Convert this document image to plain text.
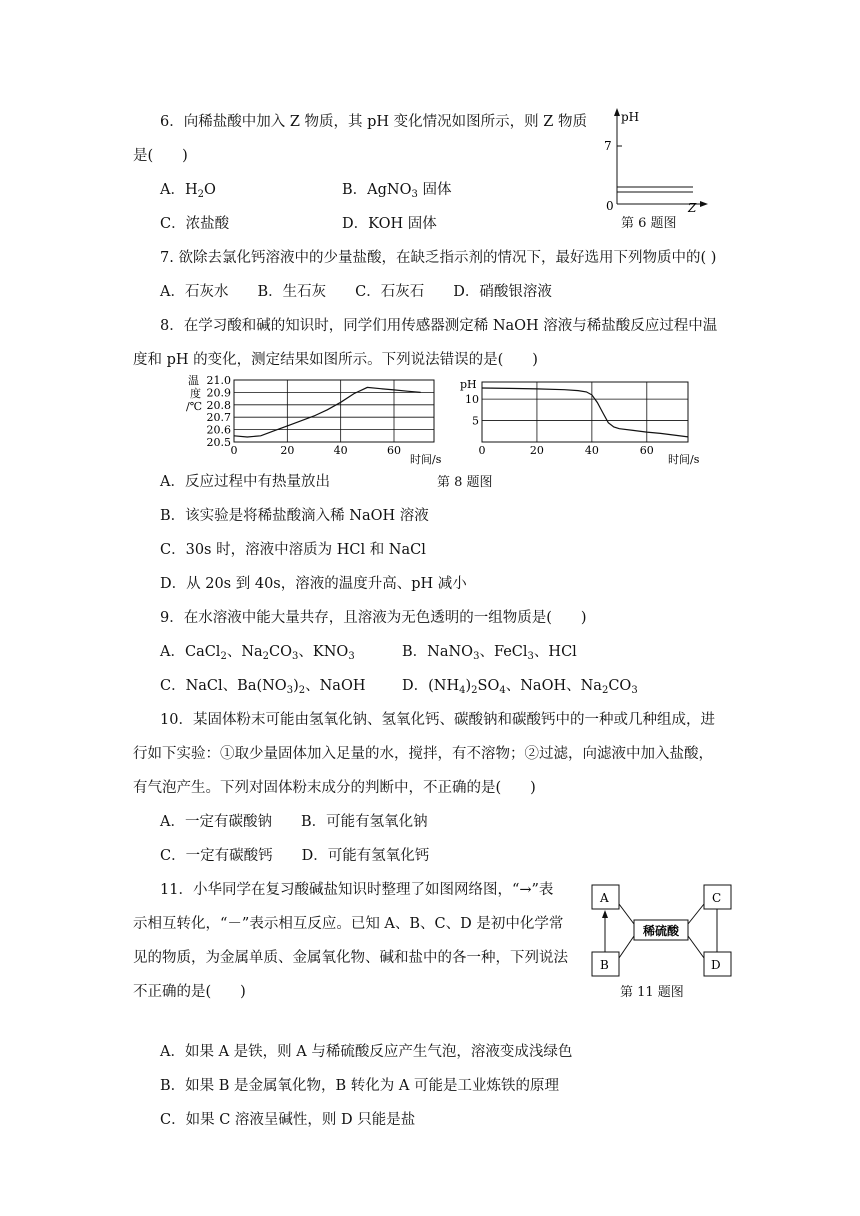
6．向稀盐酸中加入 Z 物质，其 pH 变化情况如图所示，则 Z 物质
是(　　)
A．$H_2O$	B．AgNO$_3$ 固体
C．浓盐酸	D．KOH 固体
pH
7
0	Z
第 6 题图
7. 欲除去氯化钙溶液中的少量盐酸，在缺乏指示剂的情况下，最好选用下列物质中的( )
A．石灰水　　B．生石灰　　C．石灰石　　D．硝酸银溶液
8．在学习酸和碱的知识时，同学们用传感器测定稀 NaOH 溶液与稀盐酸反应过程中温
度和 pH 的变化，测定结果如图所示。下列说法错误的是(　　)
温
度
/℃
20.5
20.6
20.7
20.8
20.9
21.0
0	20	40	60
时间/s
pH
10
5
0	20	40	60
时间/s
A．反应过程中有热量放出	第 8 题图
B．该实验是将稀盐酸滴入稀 NaOH 溶液
C．30s 时，溶液中溶质为 HCl 和 NaCl
D．从 20s 到 40s，溶液的温度升高、pH 减小
9．在水溶液中能大量共存，且溶液为无色透明的一组物质是(　　)
A．CaCl$_2$、$Na_2CO_3$、$KNO_3$	B．NaNO$_3$、FeCl$_3$、HCl
C．NaCl、$Ba(NO_3)_2$、NaOH	D．$(NH_4)_2SO_4$、NaOH、$Na_2CO_3$
10．某固体粉末可能由氢氧化钠、氢氧化钙、碳酸钠和碳酸钙中的一种或几种组成，进
行如下实验：①取少量固体加入足量的水，搅拌，有不溶物；②过滤，向滤液中加入盐酸，
有气泡产生。下列对固体粉末成分的判断中，不正确的是(　　)
A．一定有碳酸钠　　B．可能有氢氧化钠
C．一定有碳酸钙　　D．可能有氢氧化钙
11．小华同学在复习酸碱盐知识时整理了如图网络图，“→”表
示相互转化，“－”表示相互反应。已知 A、B、C、D 是初中化学常
见的物质，为金属单质、金属氧化物、碱和盐中的各一种，下列说法
不正确的是(　　)
A
B
C
D
稀硫酸
第 11 题图
A．如果 A 是铁，则 A 与稀硫酸反应产生气泡，溶液变成浅绿色
B．如果 B 是金属氧化物，B 转化为 A 可能是工业炼铁的原理
C．如果 C 溶液呈碱性，则 D 只能是盐
